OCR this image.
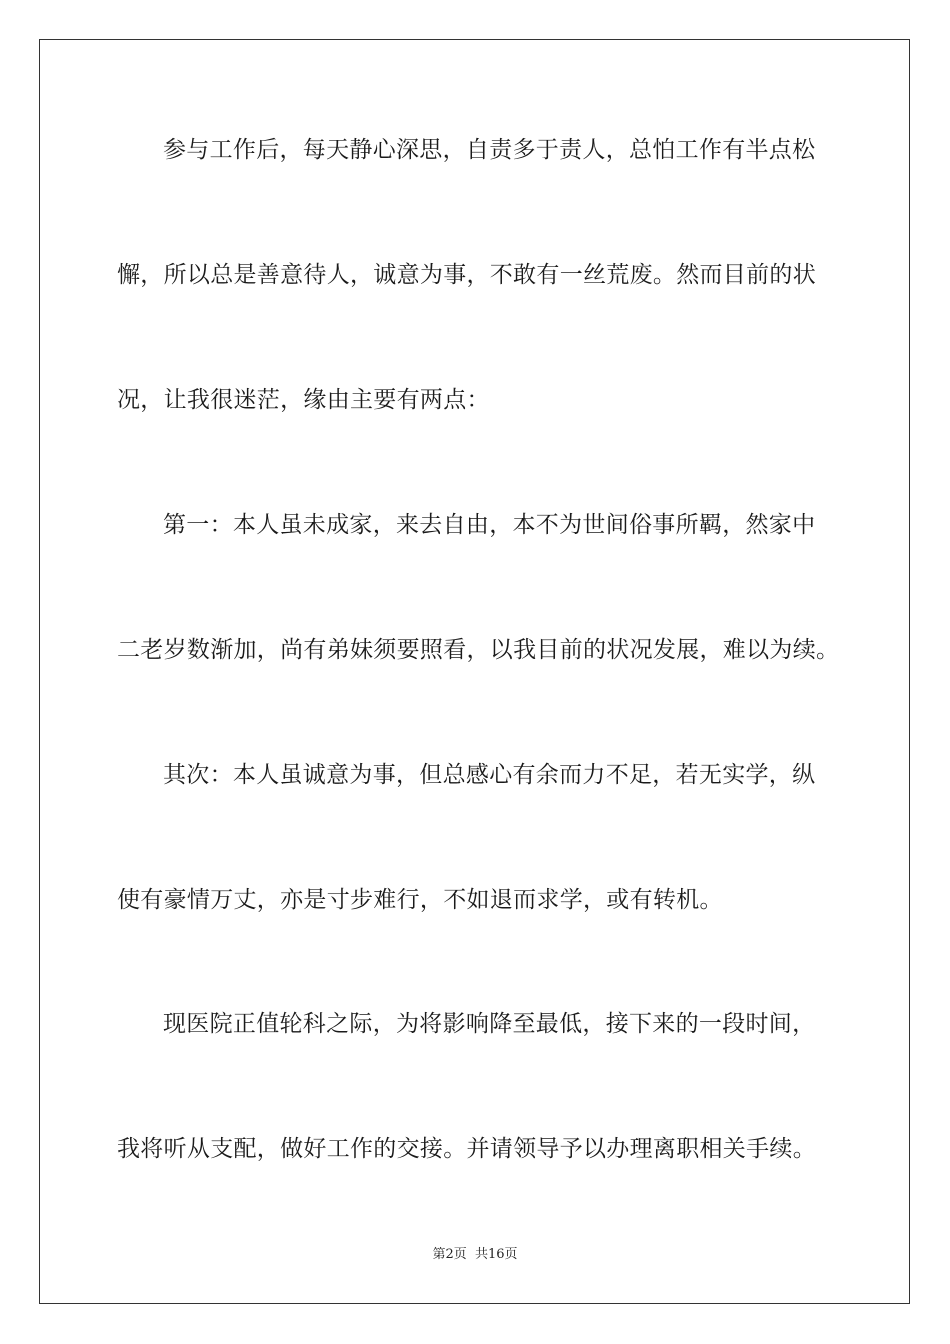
参与工作后，每天静心深思，自责多于责人，总怕工作有半点松
懈，所以总是善意待人，诚意为事，不敢有一丝荒废。然而目前的状
况，让我很迷茫，缘由主要有两点：
第一：本人虽未成家，来去自由，本不为世间俗事所羁，然家中
二老岁数渐加，尚有弟妹须要照看，以我目前的状况发展，难以为续。
其次：本人虽诚意为事，但总感心有余而力不足，若无实学，纵
使有豪情万丈，亦是寸步难行，不如退而求学，或有转机。
现医院正值轮科之际，为将影响降至最低，接下来的一段时间，
我将听从支配，做好工作的交接。并请领导予以办理离职相关手续。
第2页 共16页
